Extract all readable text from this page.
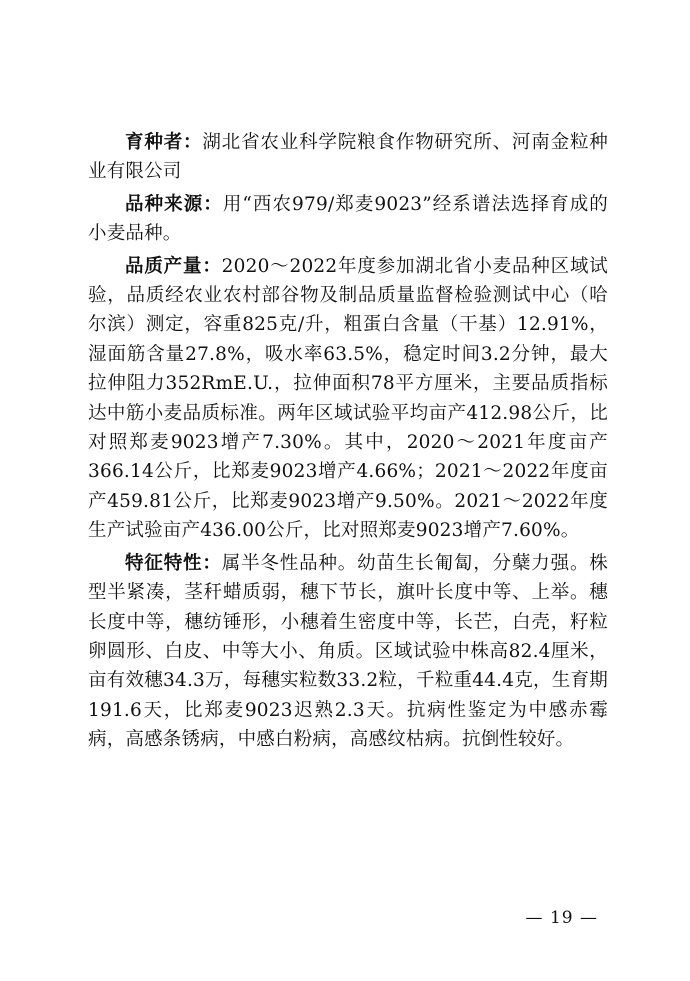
育种者：湖北省农业科学院粮食作物研究所、河南金粒种业有限公司

品种来源：用“西农979/郑麦9023”经系谱法选择育成的小麦品种。

品质产量：2020～2022年度参加湖北省小麦品种区域试验，品质经农业农村部谷物及制品质量监督检验测试中心（哈尔滨）测定，容重825克/升，粗蛋白含量（干基）12.91%，湿面筋含量27.8%，吸水率63.5%，稳定时间3.2分钟，最大拉伸阻力352RmE.U.，拉伸面积78平方厘米，主要品质指标达中筋小麦品质标准。两年区域试验平均亩产412.98公斤，比对照郑麦9023增产7.30%。其中，2020～2021年度亩产366.14公斤，比郑麦9023增产4.66%；2021～2022年度亩产459.81公斤，比郑麦9023增产9.50%。2021～2022年度生产试验亩产436.00公斤，比对照郑麦9023增产7.60%。

特征特性：属半冬性品种。幼苗生长匍匐，分蘖力强。株型半紧凑，茎秆蜡质弱，穗下节长，旗叶长度中等、上举。穗长度中等，穗纺锤形，小穗着生密度中等，长芒，白壳，籽粒卵圆形、白皮、中等大小、角质。区域试验中株高82.4厘米，亩有效穗34.3万，每穗实粒数33.2粒，千粒重44.4克，生育期191.6天，比郑麦9023迟熟2.3天。抗病性鉴定为中感赤霉病，高感条锈病，中感白粉病，高感纹枯病。抗倒性较好。

— 19 —
